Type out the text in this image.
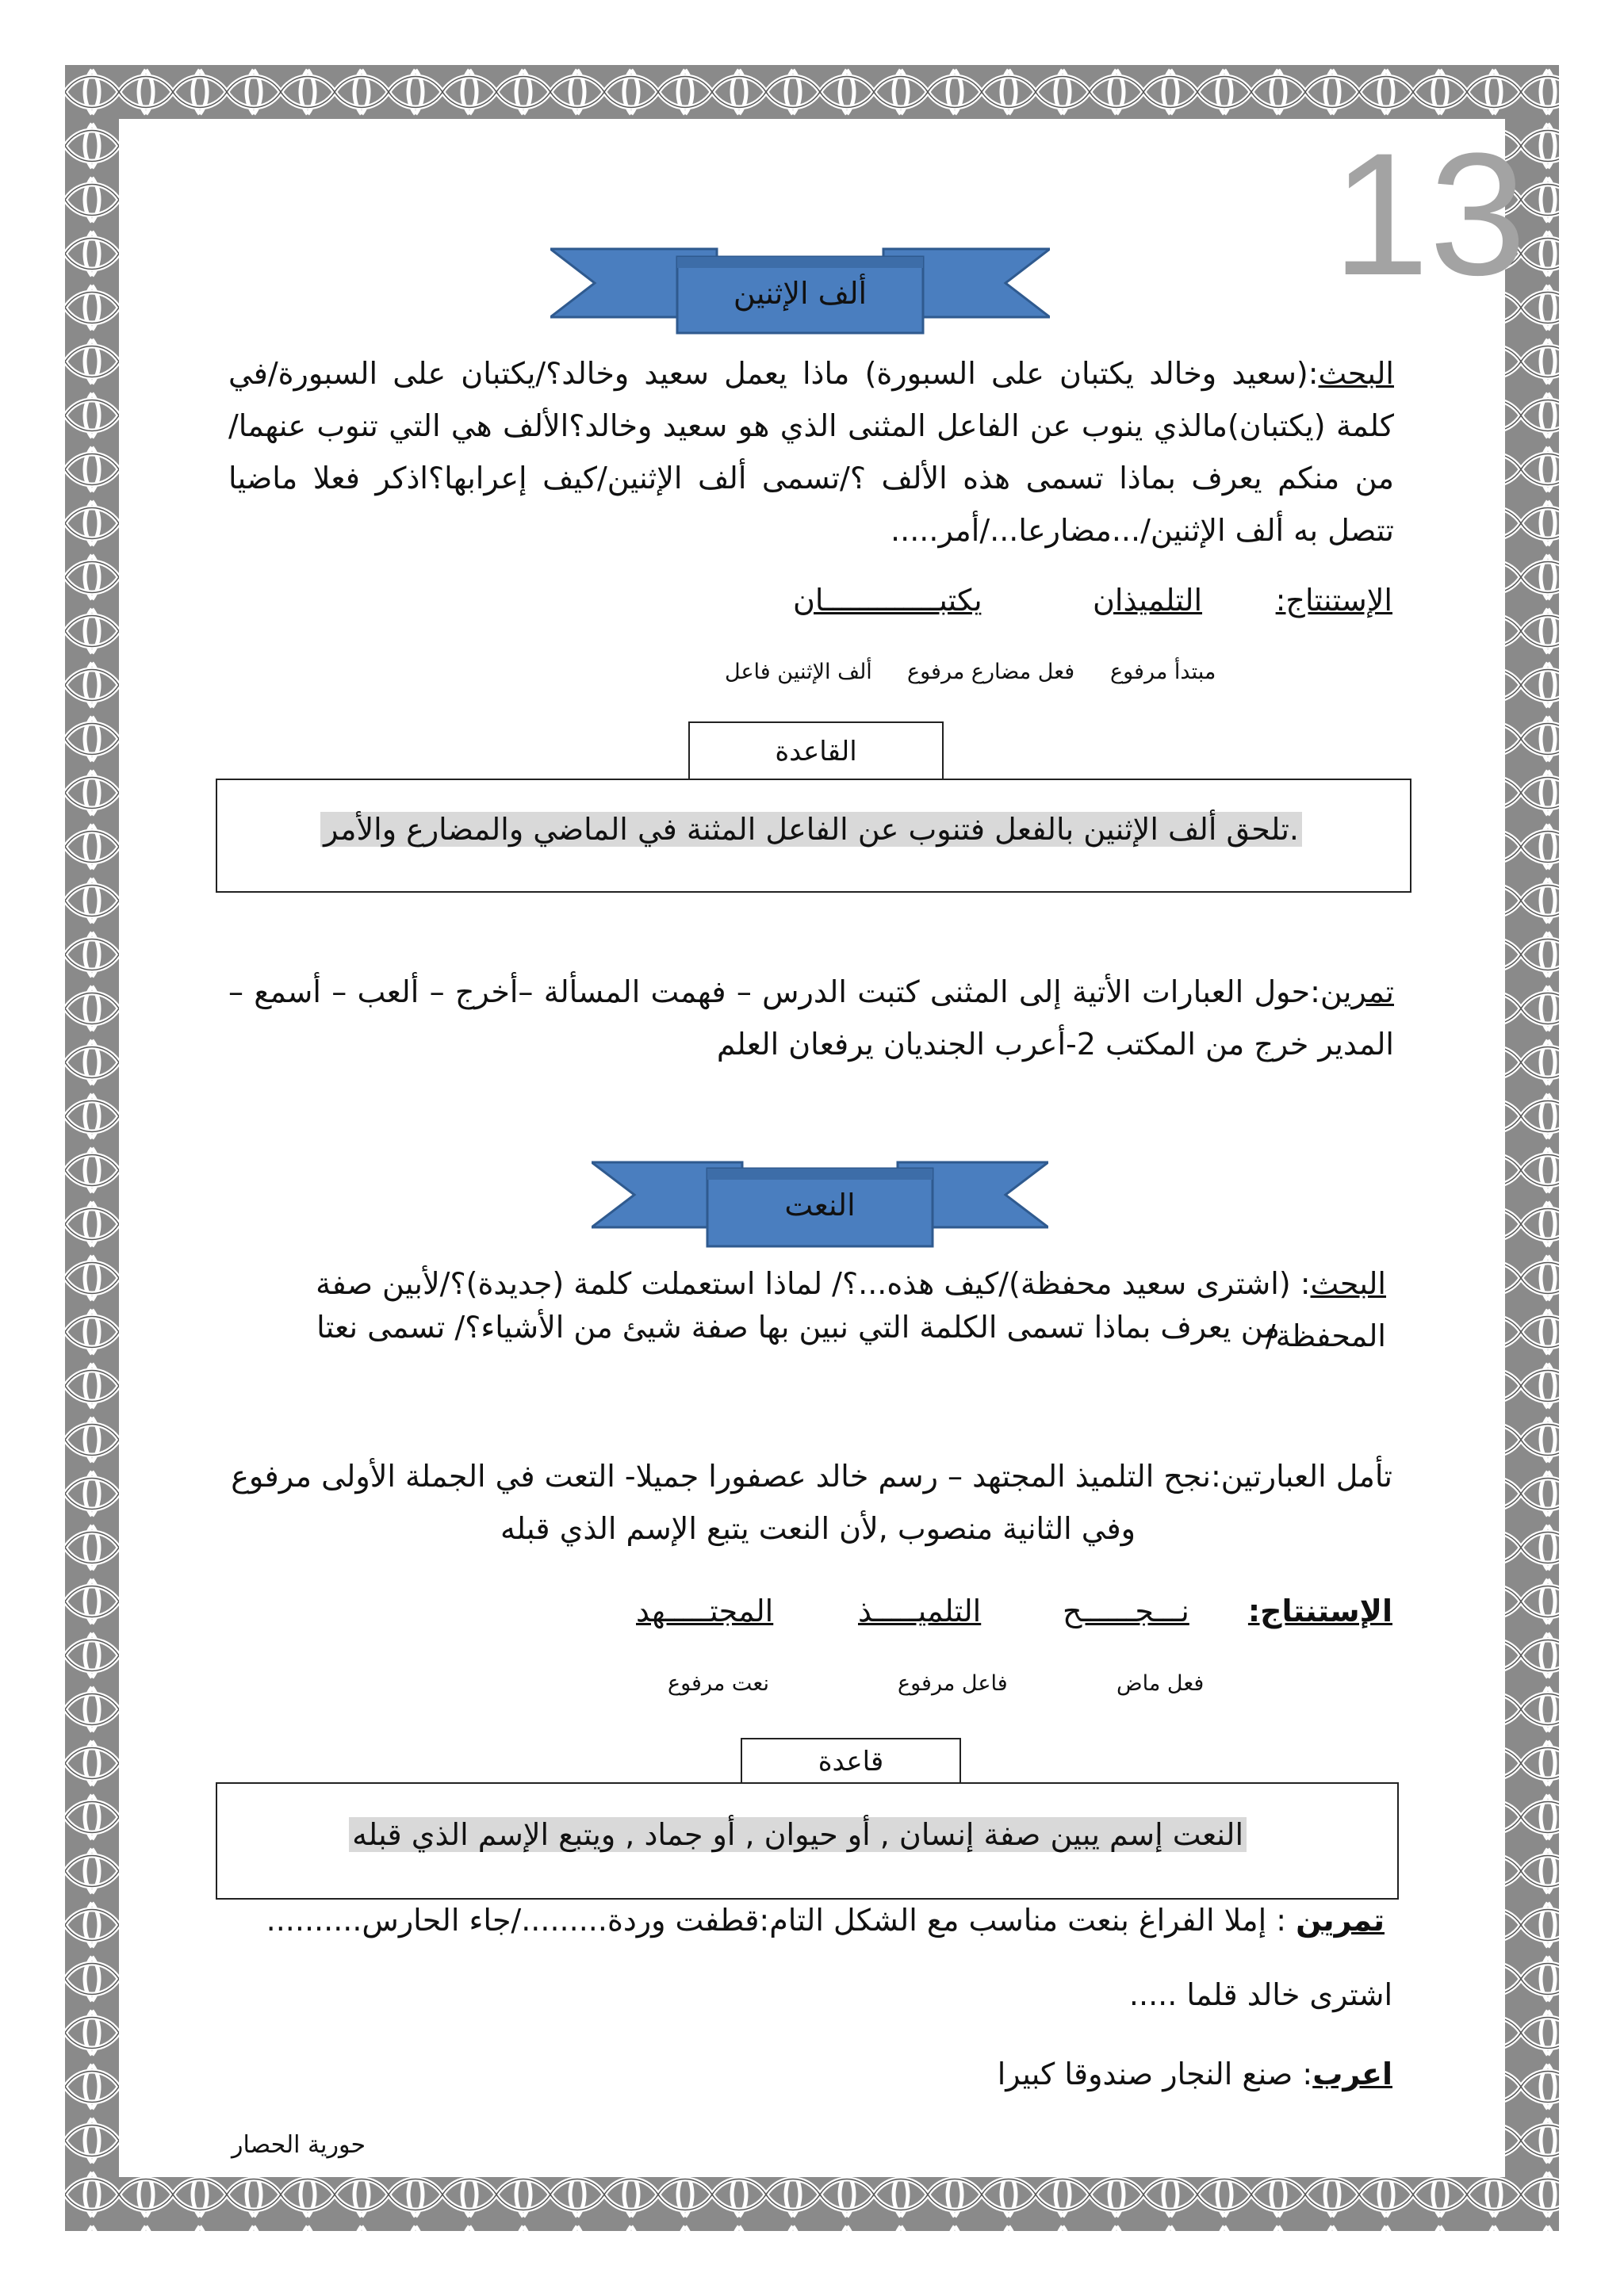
13
ألف الإثنين
البحث:(سعيد وخالد يكتبان على السبورة) ماذا يعمل سعيد وخالد؟/يكتبان على السبورة/في كلمة (يكتبان)مالذي ينوب عن الفاعل المثنى الذي هو سعيد وخالد؟الألف هي التي تنوب عنهما/من منكم يعرف بماذا تسمى هذه الألف ؟/تسمى ألف الإثنين/كيف إعرابها؟اذكر فعلا ماضيا تتصل به ألف الإثنين/...مضارعا.../أمر.....
الإستنتاج:
التلميذان
يكتبـــــــــــــان
مبتدأ مرفوع
فعل مضارع مرفوع
ألف الإثنين فاعل
القاعدة
تلحق ألف الإثنين بالفعل فتنوب عن الفاعل المثنة في الماضي والمضارع والأمر.
تمرين:حول العبارات الأتية إلى المثنى كتبت الدرس – فهمت المسألة –أخرج – ألعب – أسمع – المدير خرج من المكتب 2-أعرب الجنديان يرفعان العلم
النعت
البحث: (اشترى سعيد محفظة)/كيف هذه...؟/ لماذا استعملت كلمة (جديدة)؟/لأبين صفة المحفظة/
من يعرف بماذا تسمى الكلمة التي نبين بها صفة شيئ من الأشياء؟/ تسمى نعتا
تأمل العبارتين:نجح التلميذ المجتهد – رسم خالد عصفورا جميلا- التعت في الجملة الأولى مرفوع
وفي الثانية منصوب ,لأن النعت يتبع الإسم الذي قبله
الإستنتاج:
نـــجــــــح
التلميـــــذ
المجتـــــهد
فعل ماض
فاعل مرفوع
نعت مرفوع
قاعدة
النعت إسم يبين صفة إنسان , أو حيوان , أو جماد , ويتبع الإسم الذي قبله
تمرين : إملا الفراغ بنعت مناسب مع الشكل التام:قطفت وردة........./جاء الحارس..........
اشترى خالد قلما .....
اعرب: صنع النجار صندوقا كبيرا
حورية الحصار
